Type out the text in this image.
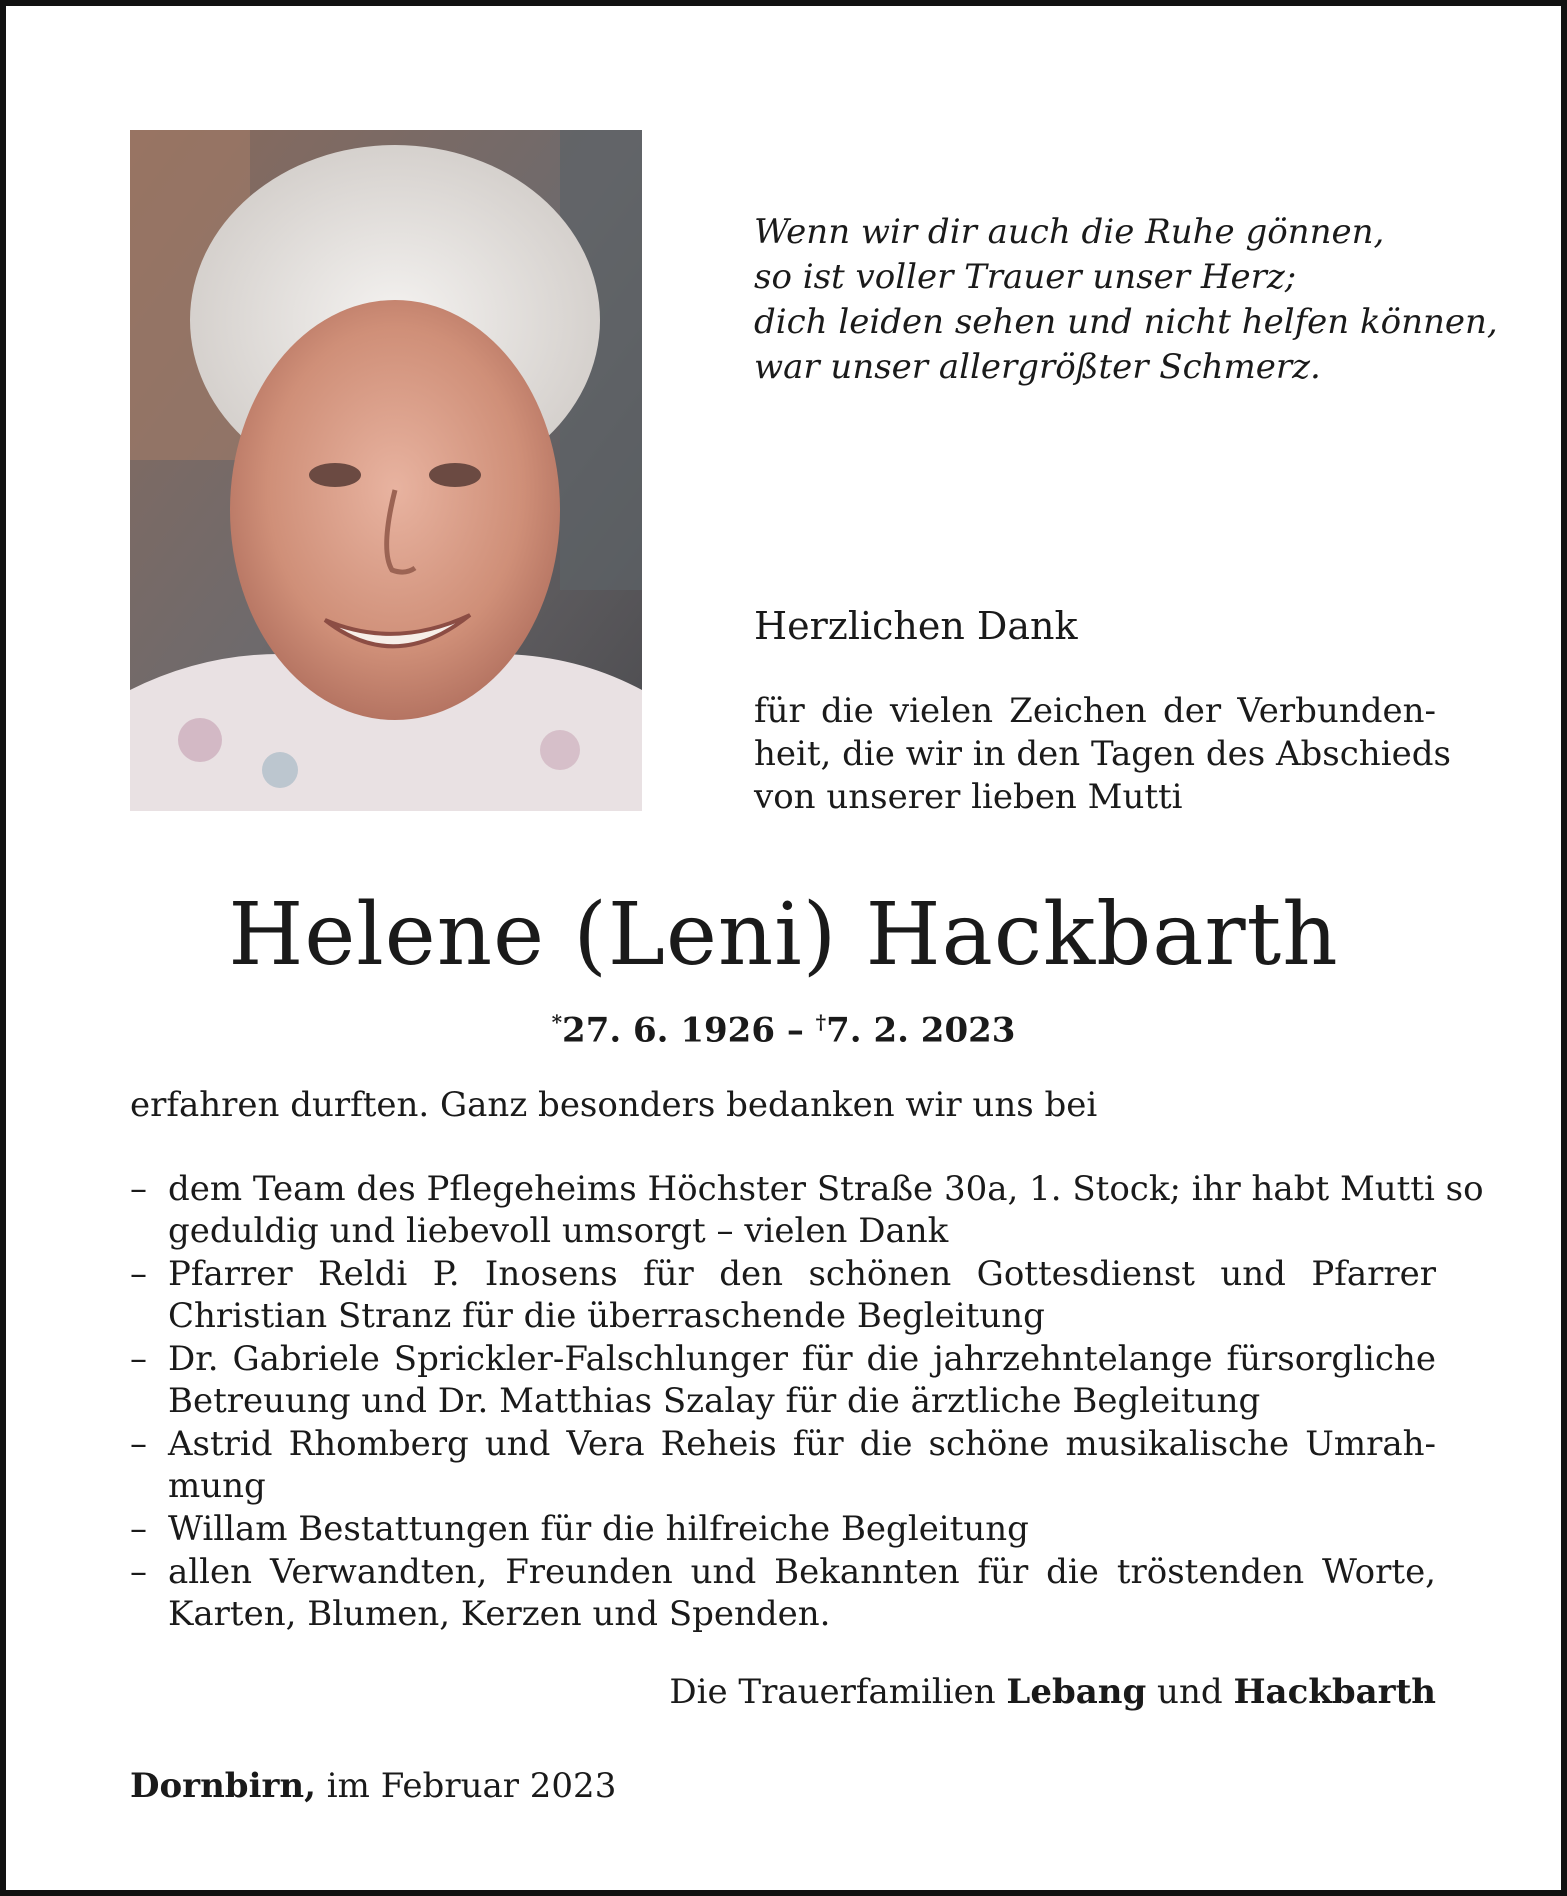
Wenn wir dir auch die Ruhe gönnen,
so ist voller Trauer unser Herz;
dich leiden sehen und nicht helfen können,
war unser allergrößter Schmerz.
Herzlichen Dank
für die vielen Zeichen der Verbunden-
heit, die wir in den Tagen des Abschieds
von unserer lieben Mutti
Helene (Leni) Hackbarth
*27. 6. 1926 – †7. 2. 2023
erfahren durften. Ganz besonders bedanken wir uns bei
– dem Team des Pflegeheims Höchster Straße 30a, 1. Stock; ihr habt Mutti so
geduldig und liebevoll umsorgt – vielen Dank
– Pfarrer Reldi P. Inosens für den schönen Gottesdienst und Pfarrer
Christian Stranz für die überraschende Begleitung
– Dr. Gabriele Sprickler-Falschlunger für die jahrzehntelange fürsorgliche
Betreuung und Dr. Matthias Szalay für die ärztliche Begleitung
– Astrid Rhomberg und Vera Reheis für die schöne musikalische Umrah-
mung
– Willam Bestattungen für die hilfreiche Begleitung
– allen Verwandten, Freunden und Bekannten für die tröstenden Worte,
Karten, Blumen, Kerzen und Spenden.
Die Trauerfamilien Lebang und Hackbarth
Dornbirn, im Februar 2023
